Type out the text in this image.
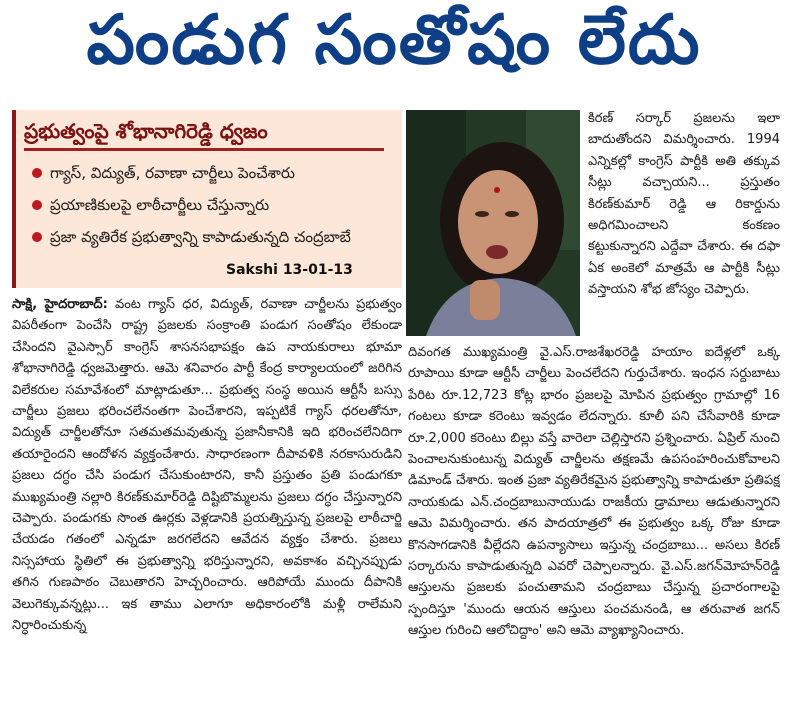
పండుగ సంతోషం లేదు
ప్రభుత్వంపై శోభానాగిరెడ్డి ధ్వజం
గ్యాస్, విద్యుత్, రవాణా చార్జీలు పెంచేశారు
ప్రయాణికులపై లాఠీచార్జీలు చేస్తున్నారు
ప్రజా వ్యతిరేక ప్రభుత్వాన్ని కాపాడుతున్నది చంద్రబాబే
Sakshi 13-01-13
కిరణ్ సర్కార్ ప్రజలను ఇలా బాదుతోందని విమర్శించారు. 1994 ఎన్నికల్లో కాంగ్రెస్ పార్టీకి అతి తక్కువ సీట్లు వచ్చాయని... ప్రస్తుతం కిరణ్‌కుమార్ రెడ్డి ఆ రికార్డును అధిగమించాలని కంకణం కట్టుకున్నారని ఎద్దేవా చేశారు. ఈ దఫా ఏక అంకెలో మాత్రమే ఆ పార్టీకి సీట్లు వస్తాయని శోభ జోస్యం చెప్పారు.
సాక్షి, హైదరాబాద్: వంట గ్యాస్ ధర, విద్యుత్, రవాణా చార్జీలను ప్రభుత్వం విపరీతంగా పెంచేసి రాష్ట్ర ప్రజలకు సంక్రాంతి పండుగ సంతోషం లేకుండా చేసిందని వైఎస్సార్ కాంగ్రెస్ శాసనసభాపక్షం ఉప నాయకురాలు భూమా శోభానాగిరెడ్డి ధ్వజమెత్తారు. ఆమె శనివారం పార్టీ కేంద్ర కార్యాలయంలో జరిగిన విలేకరుల సమావేశంలో మాట్లాడుతూ... ప్రభుత్వ సంస్థ అయిన ఆర్టీసీ బస్సు చార్జీలు ప్రజలు భరించలేనంతగా పెంచేశారని, ఇప్పటికే గ్యాస్ ధరలతోనూ, విద్యుత్ చార్జీలతోనూ సతమతమవుతున్న ప్రజానీకానికి ఇది భరించలేనిదిగా తయారైందని ఆందోళన వ్యక్తంచేశారు. సాధారణంగా దీపావళికి నరకాసురుడిని ప్రజలు దగ్ధం చేసి పండుగ చేసుకుంటారని, కానీ ప్రస్తుతం ప్రతి పండుగకూ ముఖ్యమంత్రి నల్లారి కిరణ్‌కుమార్‌రెడ్డి దిష్టిబొమ్మలను ప్రజలు దగ్ధం చేస్తున్నారని చెప్పారు. పండుగకు సొంత ఊర్లకు వెళ్లడానికి ప్రయత్నిస్తున్న ప్రజలపై లాఠీచార్జి చేయడం గతంలో ఎన్నడూ జరగలేదని ఆవేదన వ్యక్తం చేశారు. ప్రజలు నిస్సహాయ స్థితిలో ఈ ప్రభుత్వాన్ని భరిస్తున్నారని, అవకాశం వచ్చినప్పుడు తగిన గుణపాఠం చెబుతారని హెచ్చరించారు. ఆరిపోయే ముందు దీపానికి వెలుగెక్కువన్నట్లు... ఇక తాము ఎలాగూ అధికారంలోకి మళ్లీ రాలేమని నిర్ధారించుకున్న
దివంగత ముఖ్యమంత్రి వై.ఎస్.రాజశేఖరరెడ్డి హయాం ఐదేళ్లలో ఒక్క రూపాయి కూడా ఆర్టీసీ చార్జీలు పెంచలేదని గుర్తుచేశారు. ఇంధన సర్దుబాటు పేరిట రూ.12,723 కోట్ల భారం ప్రజలపై మోపిన ప్రభుత్వం గ్రామాల్లో 16 గంటలు కూడా కరెంటు ఇవ్వడం లేదన్నారు. కూలీ పని చేసేవారికి కూడా రూ.2,000 కరెంటు బిల్లు వస్తే వారెలా చెల్లిస్తారని ప్రశ్నించారు. ఏప్రిల్ నుంచి పెంచాలనుకుంటున్న విద్యుత్ చార్జీలను తక్షణమే ఉపసంహరించుకోవాలని డిమాండ్ చేశారు. ఇంత ప్రజా వ్యతిరేకమైన ప్రభుత్వాన్ని కాపాడుతూ ప్రతిపక్ష నాయకుడు ఎన్.చంద్రబాబునాయుడు రాజకీయ డ్రామాలు ఆడుతున్నారని ఆమె విమర్శించారు. తన పాదయాత్రలో ఈ ప్రభుత్వం ఒక్క రోజు కూడా కొనసాగడానికి వీల్లేదని ఉపన్యాసాలు ఇస్తున్న చంద్రబాబు... అసలు కిరణ్ సర్కారును కాపాడుతున్నది ఎవరో చెప్పాలన్నారు. వై.ఎస్.జగన్‌మోహన్‌రెడ్డి ఆస్తులను ప్రజలకు పంచుతామని చంద్రబాబు చేస్తున్న ప్రచారంగాలపై స్పందిస్తూ 'ముందు ఆయన ఆస్తులు పంచమనండి, ఆ తరువాత జగన్ ఆస్తుల గురించి ఆలోచిద్దాం' అని ఆమె వ్యాఖ్యానించారు.
